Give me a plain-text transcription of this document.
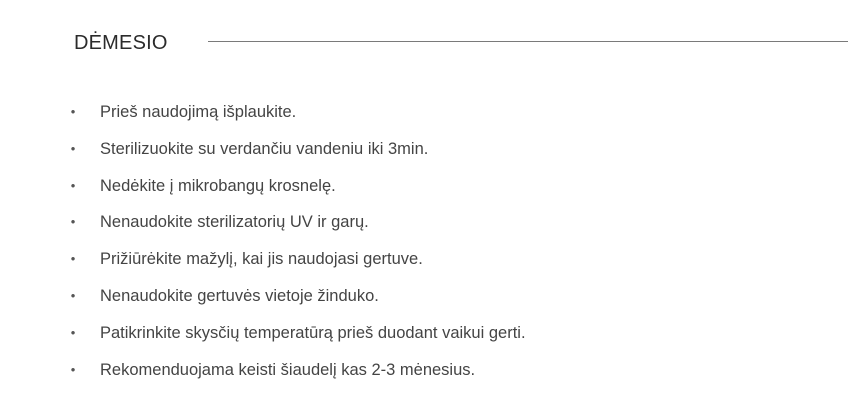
DĖMESIO
• Prieš naudojimą išplaukite.
• Sterilizuokite su verdančiu vandeniu iki 3min.
• Nedėkite į mikrobangų krosnelę.
• Nenaudokite sterilizatorių UV ir garų.
• Prižiūrėkite mažylį, kai jis naudojasi gertuve.
• Nenaudokite gertuvės vietoje žinduko.
• Patikrinkite skysčių temperatūrą prieš duodant vaikui gerti.
• Rekomenduojama keisti šiaudelį kas 2-3 mėnesius.
